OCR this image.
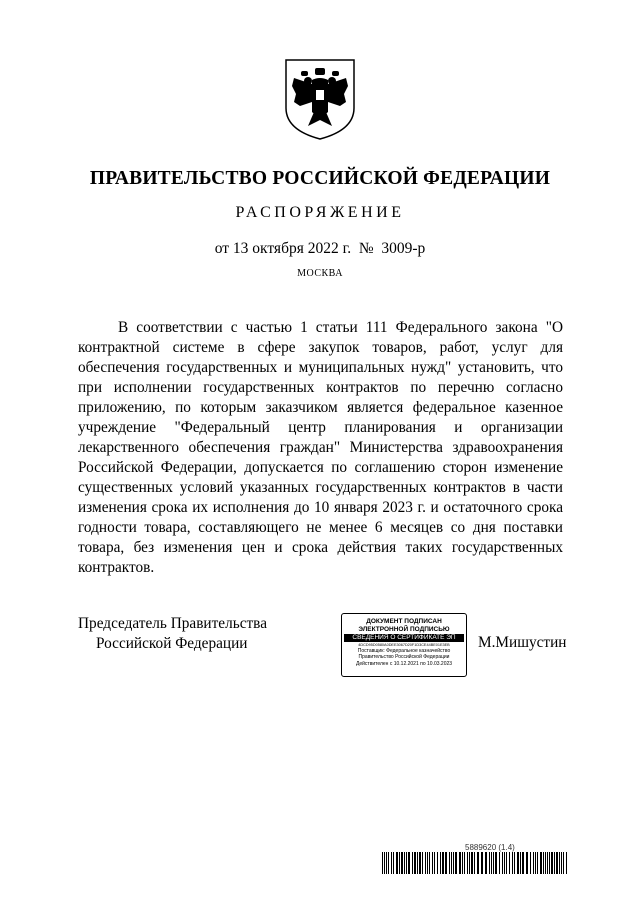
ПРАВИТЕЛЬСТВО РОССИЙСКОЙ ФЕДЕРАЦИИ
РАСПОРЯЖЕНИЕ
от 13 октября 2022 г.  №  3009-р
МОСКВА
В соответствии с частью 1 статьи 111 Федерального закона "О контрактной системе в сфере закупок товаров, работ, услуг для обеспечения государственных и муниципальных нужд" установить, что при исполнении государственных контрактов по перечню согласно приложению, по которым заказчиком является федеральное казенное учреждение "Федеральный центр планирования и организации лекарственного обеспечения граждан" Министерства здравоохранения Российской Федерации, допускается по соглашению сторон изменение существенных условий указанных государственных контрактов в части изменения срока их исполнения до 10 января 2023 г. и остаточного срока годности товара, составляющего не менее 6 месяцев со дня поставки товара, без изменения цен и срока действия таких государственных контрактов.
Председатель Правительства
Российской Федерации
ДОКУМЕНТ ПОДПИСАН
ЭЛЕКТРОННОЙ ПОДПИСЬЮ
СВЕДЕНИЯ О СЕРТИФИКАТЕ ЭП
4DCD95D0580A0DEE3067D20F1D3CE44BE01E3EB
Поставщик: Федеральное казначейство
Правительство Российской Федерации
Действителен с 10.12.2021 по 10.03.2023
М.Мишустин
5889620 (1.4)
